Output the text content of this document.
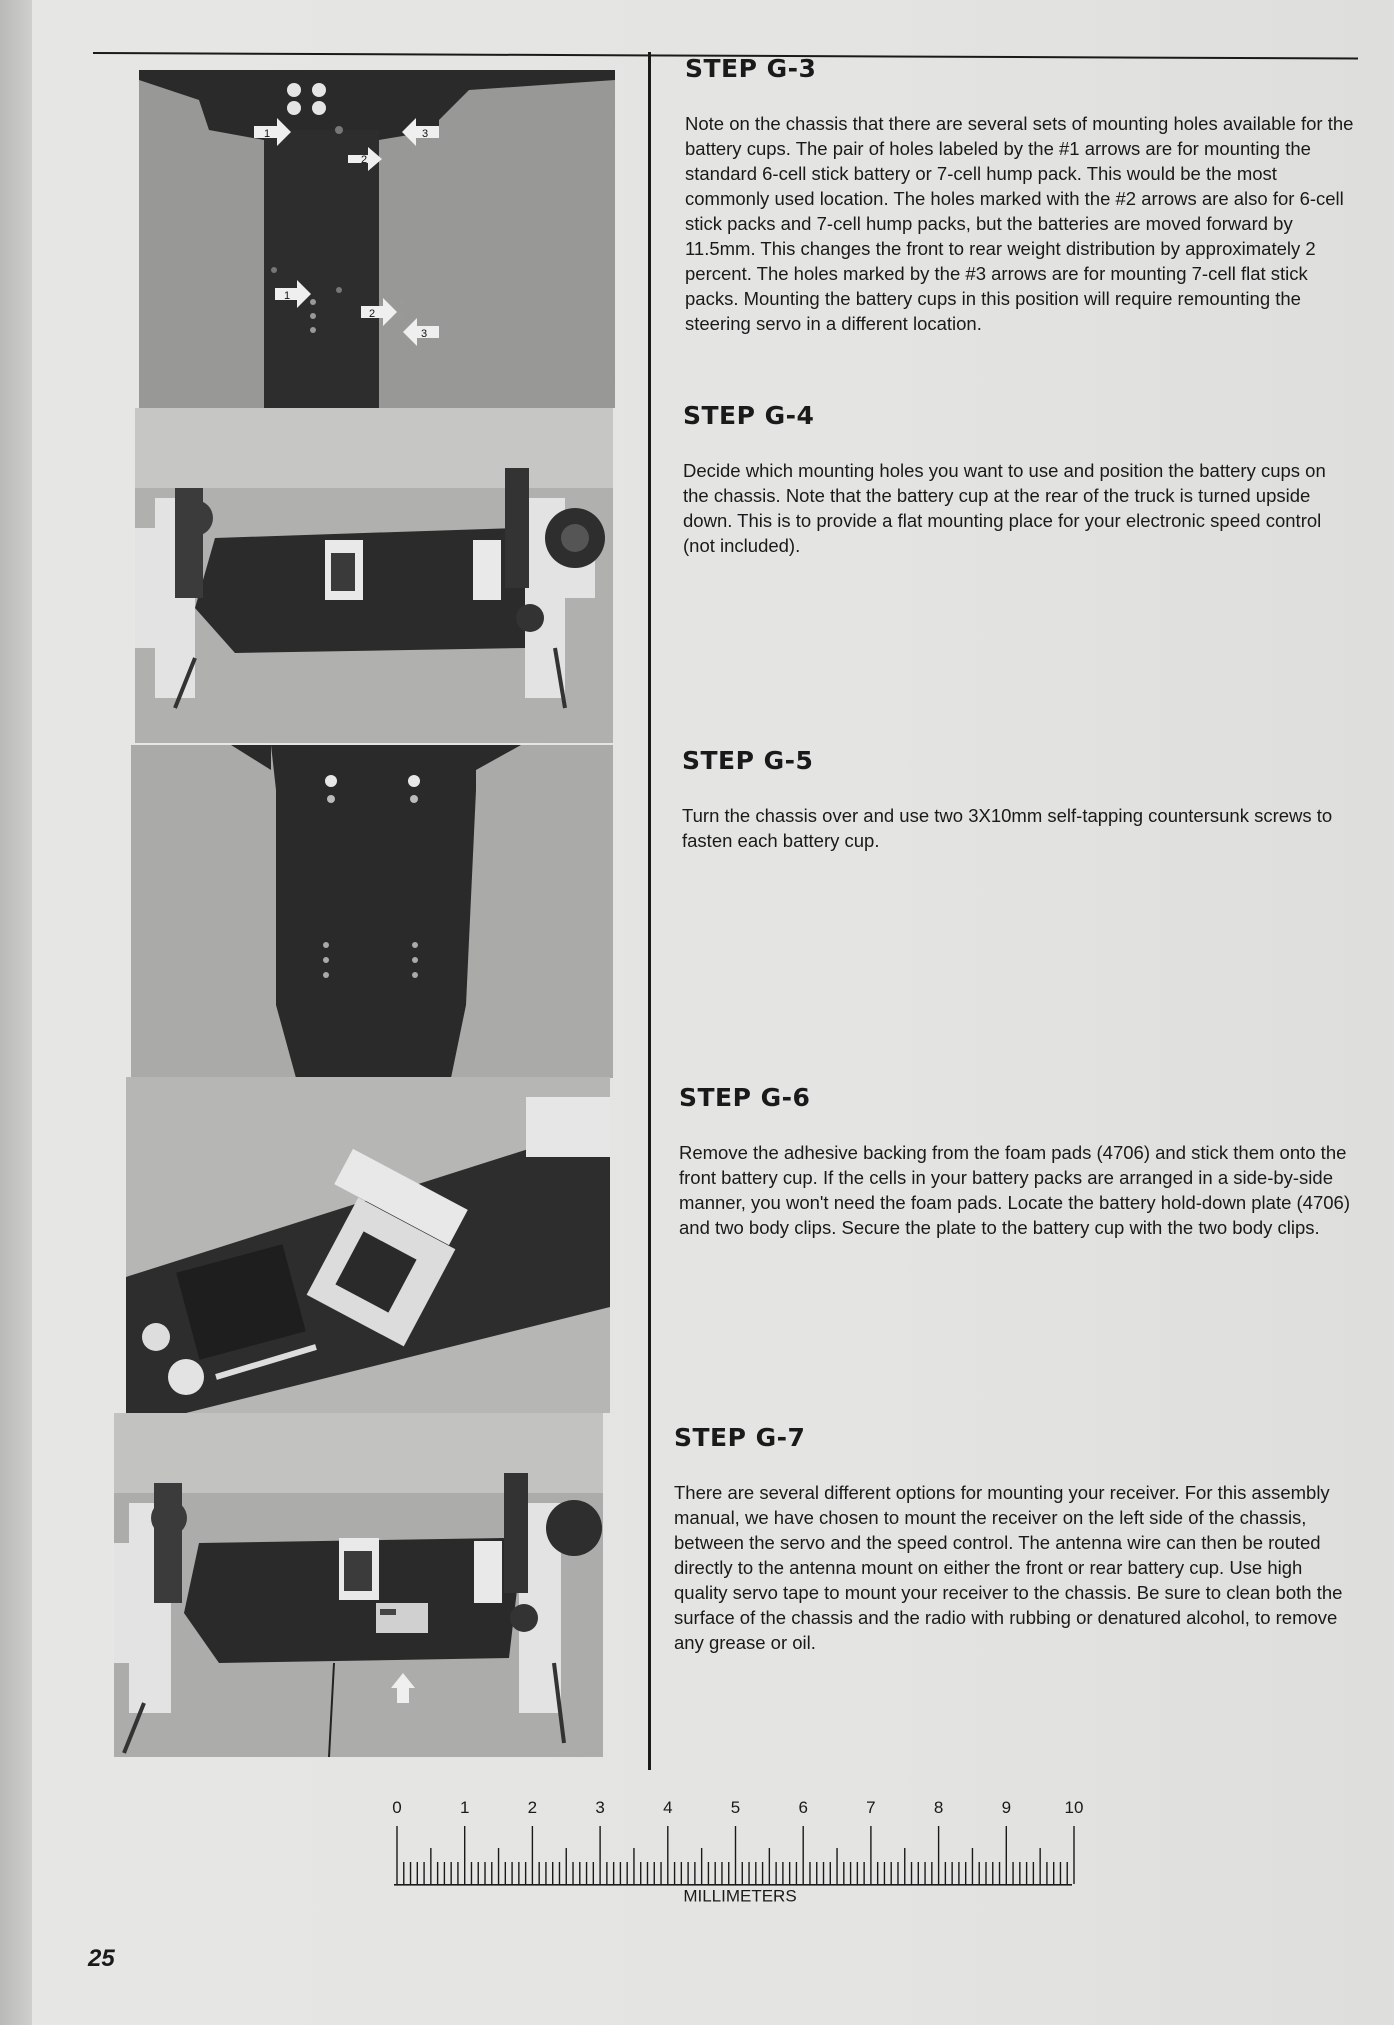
1	3
2
1
2
3
STEP G-3

Note on the chassis that there are several sets of mounting holes available for the battery cups. The pair of holes labeled by the #1 arrows are for mounting the standard 6-cell stick battery or 7-cell hump pack. This would be the most commonly used location. The holes marked with the #2 arrows are also for 6-cell stick packs and 7-cell hump packs, but the batteries are moved forward by 11.5mm. This changes the front to rear weight distribution by approximately 2 percent. The holes marked by the #3 arrows are for mounting 7-cell flat stick packs. Mounting the battery cups in this position will require remounting the steering servo in a different location.

STEP G-4

Decide which mounting holes you want to use and position the battery cups on the chassis. Note that the battery cup at the rear of the truck is turned upside down. This is to provide a flat mounting place for your electronic speed control (not included).

STEP G-5

Turn the chassis over and use two 3X10mm self-tapping countersunk screws to fasten each battery cup.

STEP G-6

Remove the adhesive backing from the foam pads (4706) and stick them onto the front battery cup. If the cells in your battery packs are arranged in a side-by-side manner, you won't need the foam pads. Locate the battery hold-down plate (4706) and two body clips. Secure the plate to the battery cup with the two body clips.

STEP G-7

There are several different options for mounting your receiver. For this assembly manual, we have chosen to mount the receiver on the left side of the chassis, between the servo and the speed control. The antenna wire can then be routed directly to the antenna mount on either the front or rear battery cup. Use high quality servo tape to mount your receiver to the chassis. Be sure to clean both the surface of the chassis and the radio with rubbing or denatured alcohol, to remove any grease or oil.

0	1	2	3	4	5	6	7	8	9	10
MILLIMETERS
25
